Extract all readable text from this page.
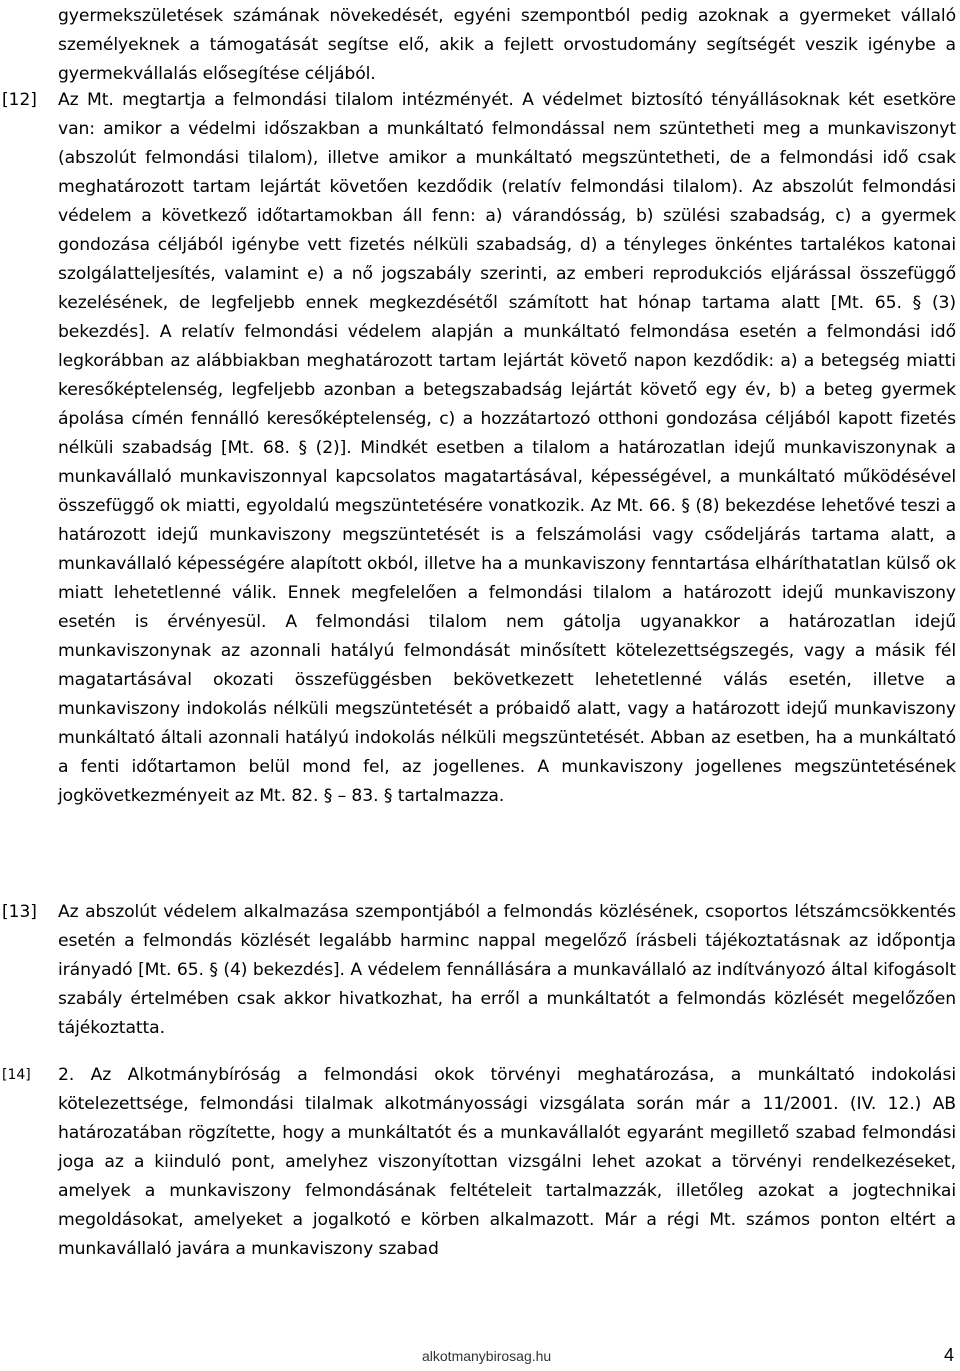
gyermekszületések számának növekedését, egyéni szempontból pedig azoknak a gyermeket vállaló személyeknek a támogatását segítse elő, akik a fejlett orvostudomány segítségét veszik igénybe a gyermekvállalás elősegítése céljából.
[12] Az Mt. megtartja a felmondási tilalom intézményét. A védelmet biztosító tényállásoknak két esetköre van: amikor a védelmi időszakban a munkáltató felmondással nem szüntetheti meg a munkaviszonyt (abszolút felmondási tilalom), illetve amikor a munkáltató megszüntetheti, de a felmondási idő csak meghatározott tartam lejártát követően kezdődik (relatív felmondási tilalom). Az abszolút felmondási védelem a következő időtartamokban áll fenn: a) várandósság, b) szülési szabadság, c) a gyermek gondozása céljából igénybe vett fizetés nélküli szabadság, d) a tényleges önkéntes tartalékos katonai szolgálatteljesítés, valamint e) a nő jogszabály szerinti, az emberi reprodukciós eljárással összefüggő kezelésének, de legfeljebb ennek megkezdésétől számított hat hónap tartama alatt [Mt. 65. § (3) bekezdés]. A relatív felmondási védelem alapján a munkáltató felmondása esetén a felmondási idő legkorábban az alábbiakban meghatározott tartam lejártát követő napon kezdődik: a) a betegség miatti keresőképtelenség, legfeljebb azonban a betegszabadság lejártát követő egy év, b) a beteg gyermek ápolása címén fennálló keresőképtelenség, c) a hozzátartozó otthoni gondozása céljából kapott fizetés nélküli szabadság [Mt. 68. § (2)]. Mindkét esetben a tilalom a határozatlan idejű munkaviszonynak a munkavállaló munkaviszonnyal kapcsolatos magatartásával, képességével, a munkáltató működésével összefüggő ok miatti, egyoldalú megszüntetésére vonatkozik. Az Mt. 66. § (8) bekezdése lehetővé teszi a határozott idejű munkaviszony megszüntetését is a felszámolási vagy csődeljárás tartama alatt, a munkavállaló képességére alapított okból, illetve ha a munkaviszony fenntartása elháríthatatlan külső ok miatt lehetetlenné válik. Ennek megfelelően a felmondási tilalom a határozott idejű munkaviszony esetén is érvényesül. A felmondási tilalom nem gátolja ugyanakkor a határozatlan idejű munkaviszonynak az azonnali hatályú felmondását minősített kötelezettségszegés, vagy a másik fél magatartásával okozati összefüggésben bekövetkezett lehetetlenné válás esetén, illetve a munkaviszony indokolás nélküli megszüntetését a próbaidő alatt, vagy a határozott idejű munkaviszony munkáltató általi azonnali hatályú indokolás nélküli megszüntetését. Abban az esetben, ha a munkáltató a fenti időtartamon belül mond fel, az jogellenes. A munkaviszony jogellenes megszüntetésének jogkövetkezményeit az Mt. 82. § – 83. § tartalmazza.
[13] Az abszolút védelem alkalmazása szempontjából a felmondás közlésének, csoportos létszámcsökkentés esetén a felmondás közlését legalább harminc nappal megelőző írásbeli tájékoztatásnak az időpontja irányadó [Mt. 65. § (4) bekezdés]. A védelem fennállására a munkavállaló az indítványozó által kifogásolt szabály értelmében csak akkor hivatkozhat, ha erről a munkáltatót a felmondás közlését megelőzően tájékoztatta.
[14] 2. Az Alkotmánybíróság a felmondási okok törvényi meghatározása, a munkáltató indokolási kötelezettsége, felmondási tilalmak alkotmányossági vizsgálata során már a 11/2001. (IV. 12.) AB határozatában rögzítette, hogy a munkáltatót és a munkavállalót egyaránt megillető szabad felmondási joga az a kiinduló pont, amelyhez viszonyítottan vizsgálni lehet azokat a törvényi rendelkezéseket, amelyek a munkaviszony felmondásának feltételeit tartalmazzák, illetőleg azokat a jogtechnikai megoldásokat, amelyeket a jogalkotó e körben alkalmazott. Már a régi Mt. számos ponton eltért a munkavállaló javára a munkaviszony szabad
alkotmanybirosag.hu	4
